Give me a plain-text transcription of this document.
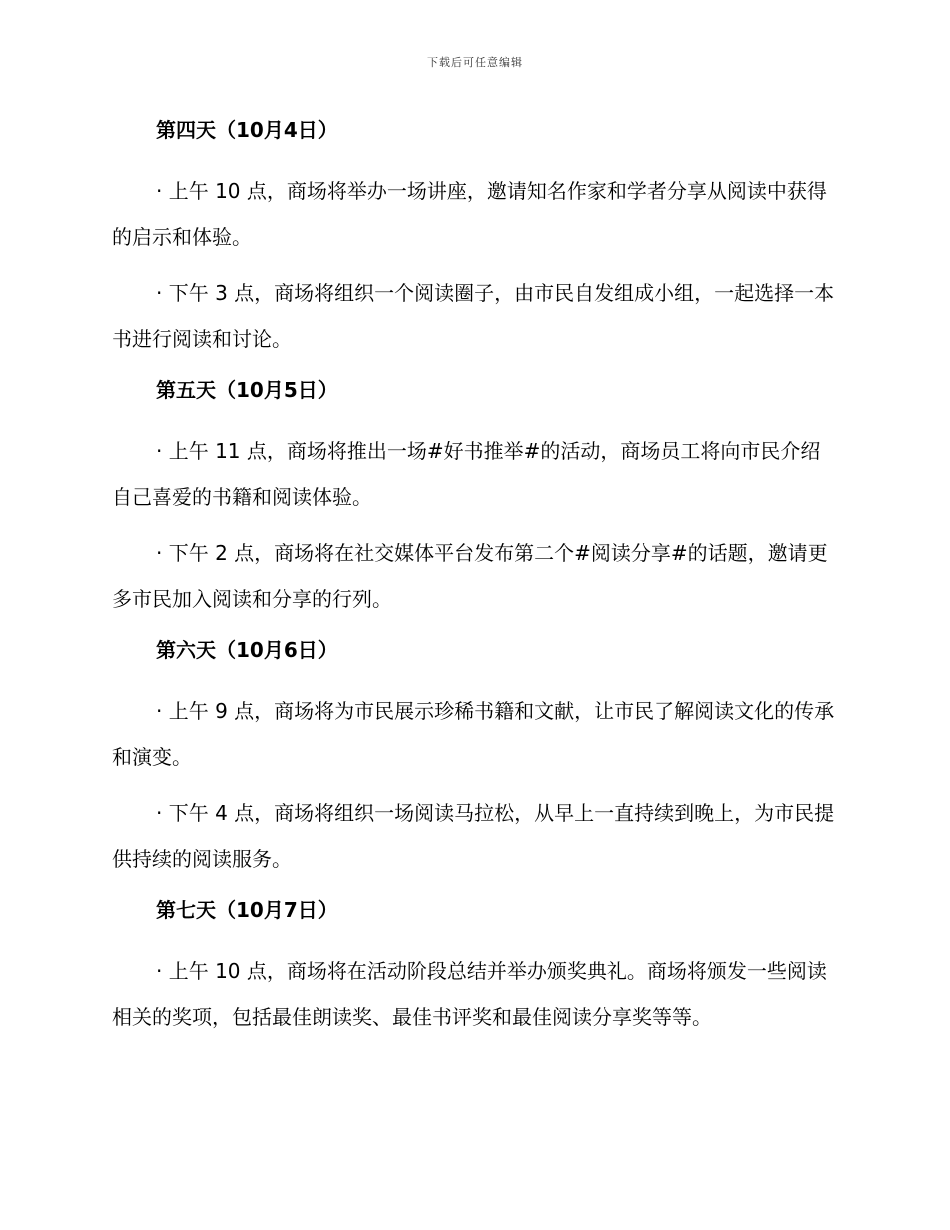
下载后可任意编辑
第四天（10月4日）
· 上午 10 点，商场将举办一场讲座，邀请知名作家和学者分享从阅读中获得的启示和体验。
· 下午 3 点，商场将组织一个阅读圈子，由市民自发组成小组，一起选择一本书进行阅读和讨论。
第五天（10月5日）
· 上午 11 点，商场将推出一场#好书推举#的活动，商场员工将向市民介绍自己喜爱的书籍和阅读体验。
· 下午 2 点，商场将在社交媒体平台发布第二个#阅读分享#的话题，邀请更多市民加入阅读和分享的行列。
第六天（10月6日）
· 上午 9 点，商场将为市民展示珍稀书籍和文献，让市民了解阅读文化的传承和演变。
· 下午 4 点，商场将组织一场阅读马拉松，从早上一直持续到晚上，为市民提供持续的阅读服务。
第七天（10月7日）
· 上午 10 点，商场将在活动阶段总结并举办颁奖典礼。商场将颁发一些阅读相关的奖项，包括最佳朗读奖、最佳书评奖和最佳阅读分享奖等等。
